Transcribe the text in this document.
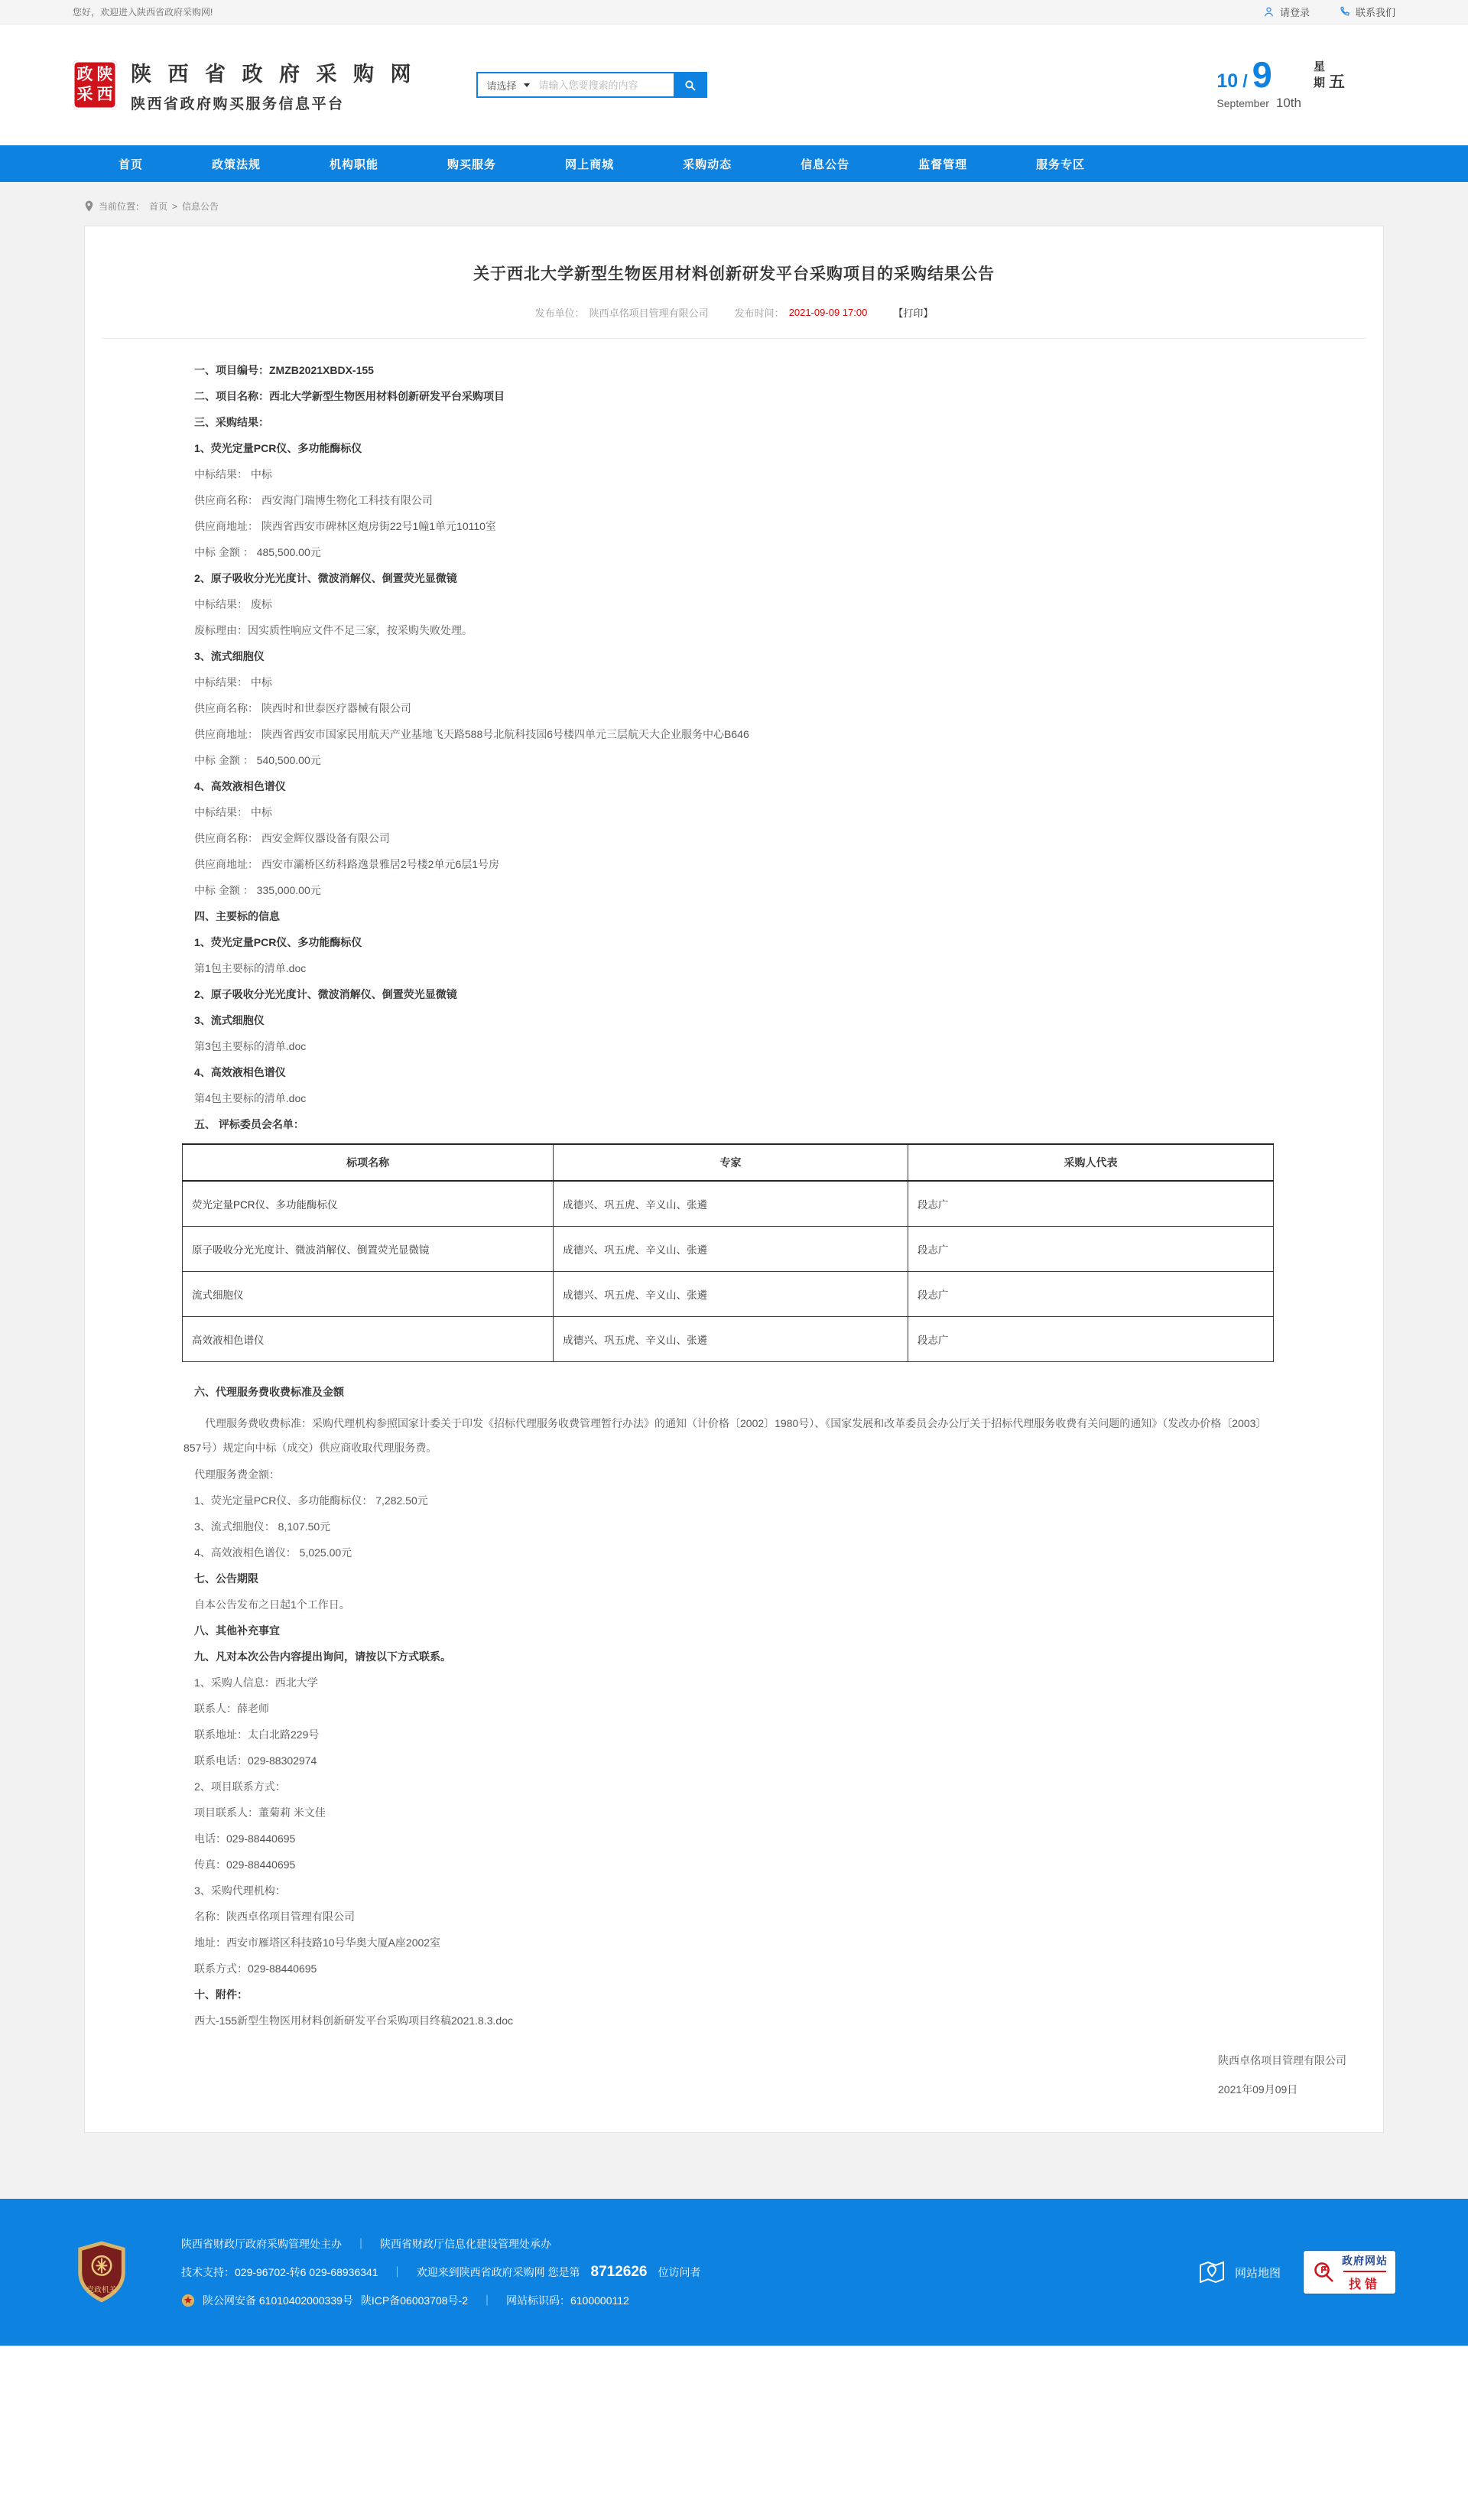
您好，欢迎进入陕西省政府采购网!	请登录	联系我们
政 陕
采 西
陕 西 省 政 府 采 购 网
陕西省政府购买服务信息平台
请选择
请输入您要搜索的内容	10 / 9
September 10th
星
期 五
首页	政策法规	机构职能	购买服务	网上商城	采购动态	信息公告	监督管理	服务专区
当前位置： 首页 > 信息公告
关于西北大学新型生物医用材料创新研发平台采购项目的采购结果公告
发布单位： 陕西卓佲项目管理有限公司	发布时间： 2021-09-09 17:00	【打印】
一、项目编号：ZMZB2021XBDX-155
二、项目名称：西北大学新型生物医用材料创新研发平台采购项目
三、采购结果：
1、荧光定量PCR仪、多功能酶标仪
中标结果： 中标
供应商名称： 西安海门瑞博生物化工科技有限公司
供应商地址： 陕西省西安市碑林区炮房街22号1幢1单元10110室
中标 金额 ： 485,500.00元
2、原子吸收分光光度计、微波消解仪、倒置荧光显微镜
中标结果： 废标
废标理由：因实质性响应文件不足三家，按采购失败处理。
3、流式细胞仪
中标结果： 中标
供应商名称： 陕西时和世泰医疗器械有限公司
供应商地址： 陕西省西安市国家民用航天产业基地飞天路588号北航科技园6号楼四单元三层航天大企业服务中心B646
中标 金额 ： 540,500.00元
4、高效液相色谱仪
中标结果： 中标
供应商名称： 西安金辉仪器设备有限公司
供应商地址： 西安市灞桥区纺科路逸景雅居2号楼2单元6层1号房
中标 金额 ： 335,000.00元
四、主要标的信息
1、荧光定量PCR仪、多功能酶标仪
第1包主要标的清单.doc
2、原子吸收分光光度计、微波消解仪、倒置荧光显微镜
3、流式细胞仪
第3包主要标的清单.doc
4、高效液相色谱仪
第4包主要标的清单.doc
五、 评标委员会名单：
标项名称	专家	采购人代表
荧光定量PCR仪、多功能酶标仪	成德兴、巩五虎、辛义山、张遴	段志广
原子吸收分光光度计、微波消解仪、倒置荧光显微镜	成德兴、巩五虎、辛义山、张遴	段志广
流式细胞仪	成德兴、巩五虎、辛义山、张遴	段志广
高效液相色谱仪	成德兴、巩五虎、辛义山、张遴	段志广
六、代理服务费收费标准及金额
代理服务费收费标准：采购代理机构参照国家计委关于印发《招标代理服务收费管理暂行办法》的通知（计价格〔2002〕1980号）、《国家发展和改革委员会办公厅关于招标代理服务收费有关问题的通知》（发改办价格〔2003〕857号）规定向中标（成交）供应商收取代理服务费。
代理服务费金额：
1、荧光定量PCR仪、多功能酶标仪： 7,282.50元
3、流式细胞仪： 8,107.50元
4、高效液相色谱仪： 5,025.00元
七、公告期限
自本公告发布之日起1个工作日。
八、其他补充事宜
九、凡对本次公告内容提出询问，请按以下方式联系。
1、采购人信息：西北大学
联系人：薛老师
联系地址：太白北路229号
联系电话：029-88302974
2、项目联系方式：
项目联系人：董菊莉 米文佳
电话：029-88440695
传真：029-88440695
3、采购代理机构：
名称：陕西卓佲项目管理有限公司
地址：西安市雁塔区科技路10号华奥大厦A座2002室
联系方式：029-88440695
十、附件：
西大-155新型生物医用材料创新研发平台采购项目终稿2021.8.3.doc
陕西卓佲项目管理有限公司
2021年09月09日
党政机关
陕西省财政厅政府采购管理处主办 ｜ 陕西省财政厅信息化建设管理处承办
技术支持：029-96702-转6 029-68936341 ｜ 欢迎来到陕西省政府采购网 您是第 8712626 位访问者
陕公网安备 61010402000339号 陕ICP备06003708号-2 ｜ 网站标识码：6100000112
网站地图
政府网站
找错
